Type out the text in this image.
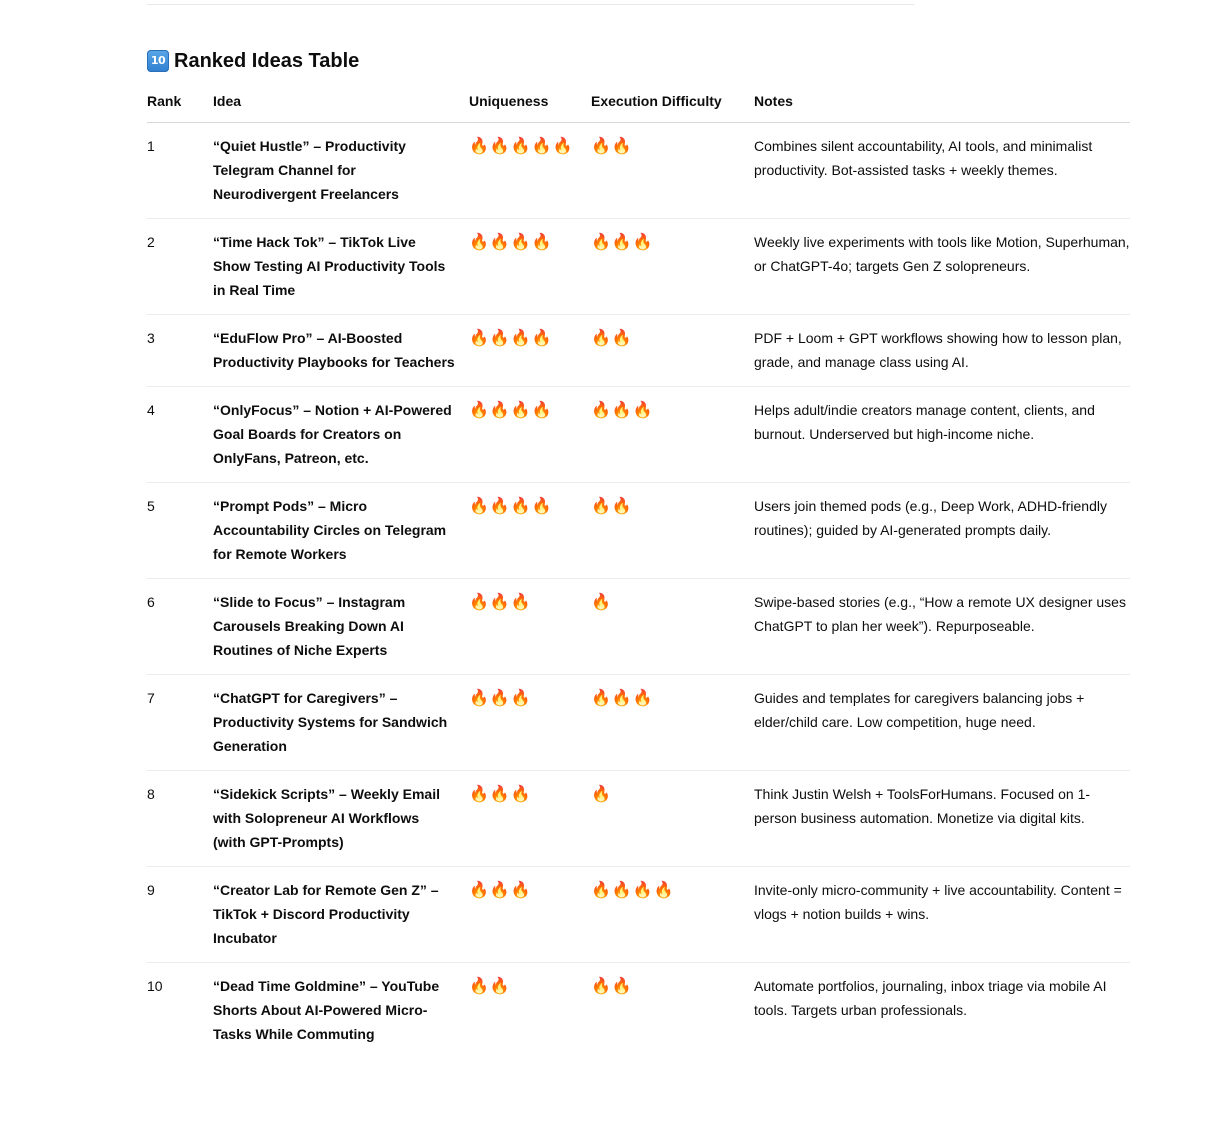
10 Ranked Ideas Table
Rank	Idea	Uniqueness	Execution Difficulty	Notes
1	“Quiet Hustle” – Productivity Telegram Channel for Neurodivergent Freelancers	🔥🔥🔥🔥🔥	🔥🔥	Combines silent accountability, AI tools, and minimalist productivity. Bot-assisted tasks + weekly themes.
2	“Time Hack Tok” – TikTok Live Show Testing AI Productivity Tools in Real Time	🔥🔥🔥🔥	🔥🔥🔥	Weekly live experiments with tools like Motion, Superhuman, or ChatGPT-4o; targets Gen Z solopreneurs.
3	“EduFlow Pro” – AI-Boosted Productivity Playbooks for Teachers	🔥🔥🔥🔥	🔥🔥	PDF + Loom + GPT workflows showing how to lesson plan, grade, and manage class using AI.
4	“OnlyFocus” – Notion + AI-Powered Goal Boards for Creators on OnlyFans, Patreon, etc.	🔥🔥🔥🔥	🔥🔥🔥	Helps adult/indie creators manage content, clients, and burnout. Underserved but high-income niche.
5	“Prompt Pods” – Micro Accountability Circles on Telegram for Remote Workers	🔥🔥🔥🔥	🔥🔥	Users join themed pods (e.g., Deep Work, ADHD-friendly routines); guided by AI-generated prompts daily.
6	“Slide to Focus” – Instagram Carousels Breaking Down AI Routines of Niche Experts	🔥🔥🔥	🔥	Swipe-based stories (e.g., “How a remote UX designer uses ChatGPT to plan her week”). Repurposeable.
7	“ChatGPT for Caregivers” – Productivity Systems for Sandwich Generation	🔥🔥🔥	🔥🔥🔥	Guides and templates for caregivers balancing jobs + elder/child care. Low competition, huge need.
8	“Sidekick Scripts” – Weekly Email with Solopreneur AI Workflows (with GPT-Prompts)	🔥🔥🔥	🔥	Think Justin Welsh + ToolsForHumans. Focused on 1-person business automation. Monetize via digital kits.
9	“Creator Lab for Remote Gen Z” – TikTok + Discord Productivity Incubator	🔥🔥🔥	🔥🔥🔥🔥	Invite-only micro-community + live accountability. Content = vlogs + notion builds + wins.
10	“Dead Time Goldmine” – YouTube Shorts About AI-Powered Micro-Tasks While Commuting	🔥🔥	🔥🔥	Automate portfolios, journaling, inbox triage via mobile AI tools. Targets urban professionals.
